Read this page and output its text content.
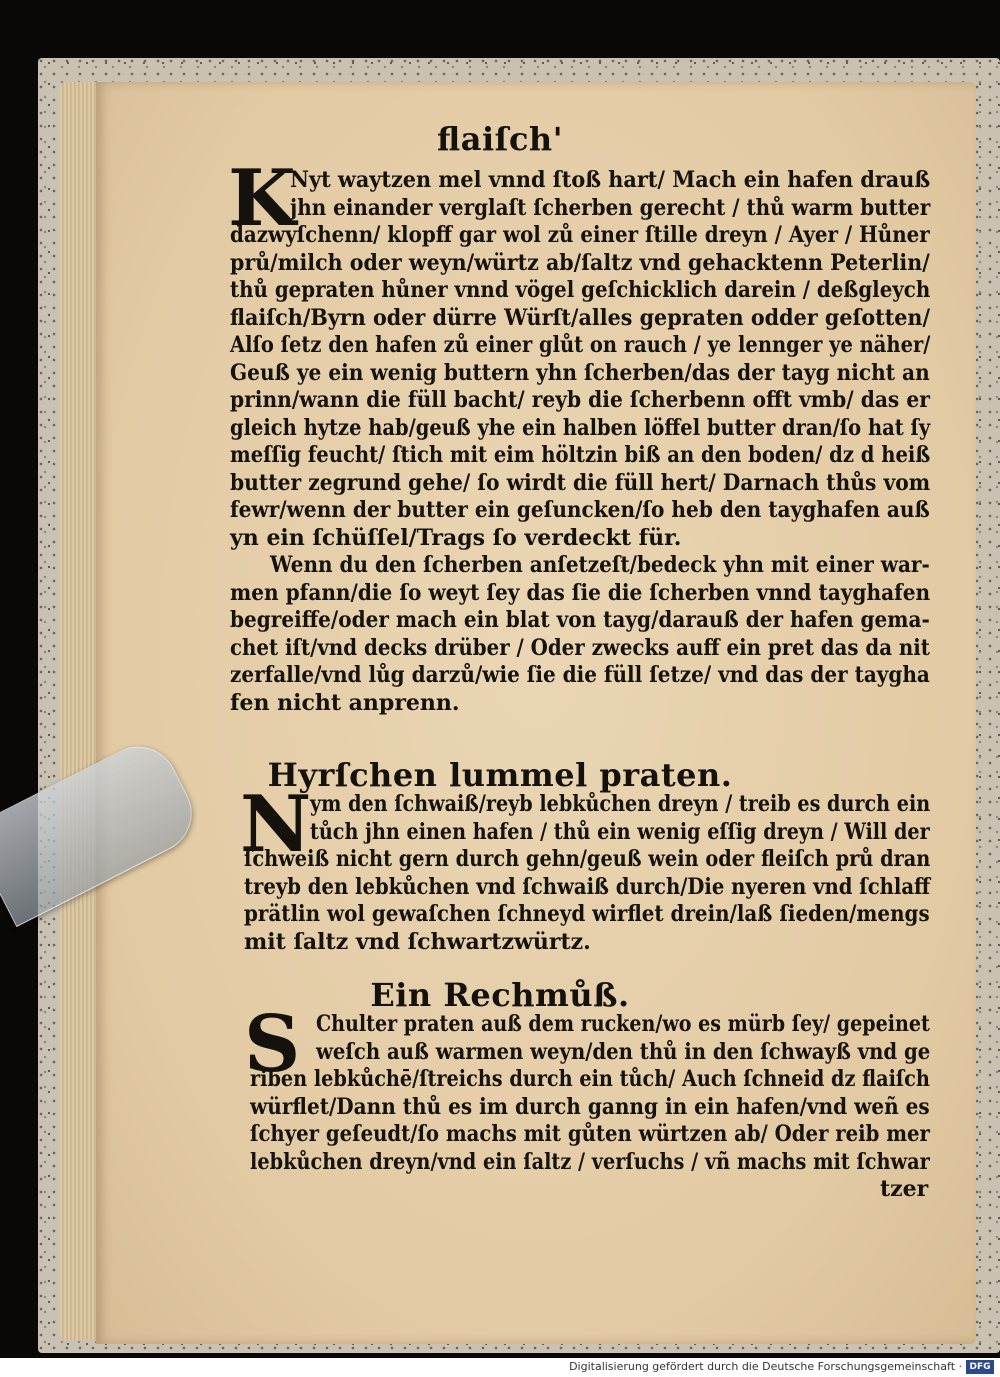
ﬂaiſch'
K
Nyt waytzen mel vnnd ſtoß hart/ Mach ein hafen drauß
jhn einander verglaſt ſcherben gerecht / thů warm butter
dazwyſchenn/ klopff gar wol zů einer ſtille dreyn / Ayer / Hůner
prů/milch oder weyn/würtz ab/ſaltz vnd gehacktenn Peterlin/
thů gepraten hůner vnnd vögel geſchicklich darein / deßgleych
ﬂaiſch/Byrn oder dürre Würſt/alles gepraten odder geſotten/
Alſo ſetz den hafen zů einer glůt on rauch / ye lennger ye näher/
Geuß ye ein wenig buttern yhn ſcherben/das der tayg nicht an
prinn/wann die füll bacht/ reyb die ſcherbenn offt vmb/ das er
gleich hytze hab/geuß yhe ein halben löffel butter dran/ſo hat ſy
meſſig feucht/ ſtich mit eim höltzin biß an den boden/ dz d heiß
butter zegrund gehe/ ſo wirdt die füll hert/ Darnach thůs vom
fewr/wenn der butter ein geſuncken/ſo heb den tayghafen auß
yn ein ſchüſſel/Trags ſo verdeckt für.
Wenn du den ſcherben anſetzeſt/bedeck yhn mit einer war-
men pfann/die ſo weyt ſey das ſie die ſcherben vnnd tayghafen
begreiffe/oder mach ein blat von tayg/darauß der hafen gema-
chet iſt/vnd decks drüber / Oder zwecks auff ein pret das da nit
zerfalle/vnd lůg darzů/wie ſie die füll ſetze/ vnd das der taygha
fen nicht anprenn.
Hyrſchen lummel praten.
N
ym den ſchwaiß/reyb lebkůchen dreyn / treib es durch ein
tůch jhn einen hafen / thů ein wenig eſſig dreyn / Will der
ſchweiß nicht gern durch gehn/geuß wein oder fleiſch prů dran
treyb den lebkůchen vnd ſchwaiß durch/Die nyeren vnd ſchlaff
prätlin wol gewaſchen ſchneyd wirflet drein/laß ſieden/mengs
mit ſaltz vnd ſchwartzwürtz.
Ein Rechmůß.
S Chulter praten auß dem rucken/wo es mürb ſey/ gepeinet
weſch auß warmen weyn/den thů in den ſchwayß vnd ge
riben lebkůchē/ſtreichs durch ein tůch/ Auch ſchneid dz flaiſch
würflet/Dann thů es im durch ganng in ein hafen/vnd weñ es
ſchyer geſeudt/ſo machs mit gůten würtzen ab/ Oder reib mer
lebkůchen dreyn/vnd ein ſaltz / verſuchs / vñ machs mit ſchwar
tzer
Digitalisierung gefördert durch die Deutsche Forschungsgemeinschaft · DFG
